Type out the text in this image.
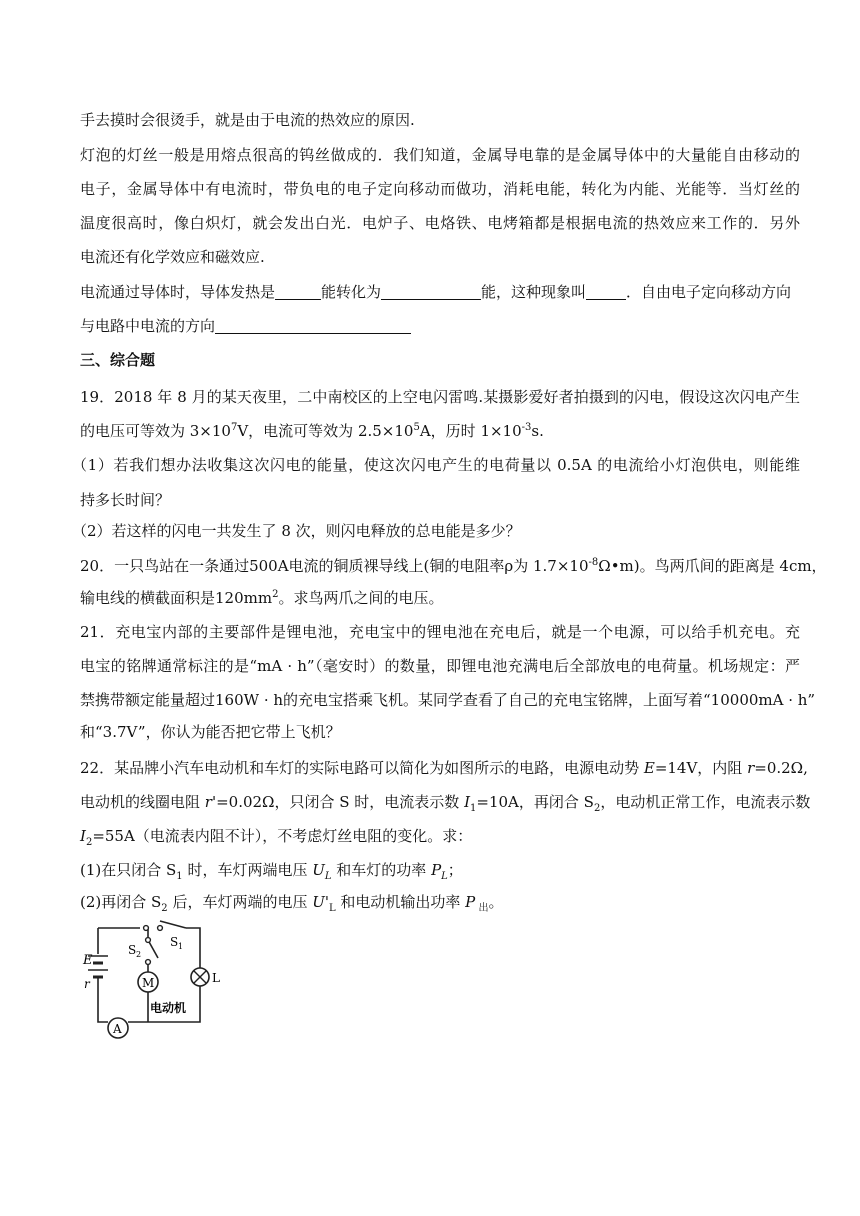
手去摸时会很烫手，就是由于电流的热效应的原因.
灯泡的灯丝一般是用熔点很高的钨丝做成的．我们知道，金属导电靠的是金属导体中的大量能自由移动的
电子，金属导体中有电流时，带负电的电子定向移动而做功，消耗电能，转化为内能、光能等．当灯丝的
温度很高时，像白炽灯，就会发出白光．电炉子、电烙铁、电烤箱都是根据电流的热效应来工作的．另外
电流还有化学效应和磁效应.
电流通过导体时，导体发热是	能转化为	能，这种现象叫	．自由电子定向移动方向
与电路中电流的方向
三、综合题
19．2018 年 8 月的某天夜里，二中南校区的上空电闪雷鸣.某摄影爱好者拍摄到的闪电，假设这次闪电产生
的电压可等效为 $3\times 10^7V$，电流可等效为 $2.5\times 10^5A$，历时 $1\times 10^{-3}s$.
（1）若我们想办法收集这次闪电的能量，使这次闪电产生的电荷量以 0.5A 的电流给小灯泡供电，则能维
持多长时间？
（2）若这样的闪电一共发生了 8 次，则闪电释放的总电能是多少？
20．一只鸟站在一条通过500A电流的铜质裸导线上(铜的电阻率ρ为 $1.7\times 10^{-8}\Omega•m$)。鸟两爪间的距离是 4cm，
输电线的横截面积是$120mm^2$。求鸟两爪之间的电压。
21．充电宝内部的主要部件是锂电池，充电宝中的锂电池在充电后，就是一个电源，可以给手机充电。充
电宝的铭牌通常标注的是“mA · h”（毫安时）的数量，即锂电池充满电后全部放电的电荷量。机场规定：严
禁携带额定能量超过160W · h的充电宝搭乘飞机。某同学查看了自己的充电宝铭牌，上面写着“10000mA · h”
和“3.7V”，你认为能否把它带上飞机？
22．某品牌小汽车电动机和车灯的实际电路可以简化为如图所示的电路，电源电动势 E=14V，内阻 r=0.2Ω,
电动机的线圈电阻 r'=0.02Ω，只闭合 S 时，电流表示数 $I_1=10A$，再闭合 $S_2$，电动机正常工作，电流表示数
$I_2=55A$（电流表内阻不计），不考虑灯丝电阻的变化。求：
(1)在只闭合 $S_1$ 时，车灯两端电压 $U_L$ 和车灯的功率 $P_L$；
(2)再闭合 $S_2$ 后，车灯两端的电压 $U'_L$ 和电动机输出功率 P $_出$。
E
r
S 1
S 2
M	L
A
电动机
